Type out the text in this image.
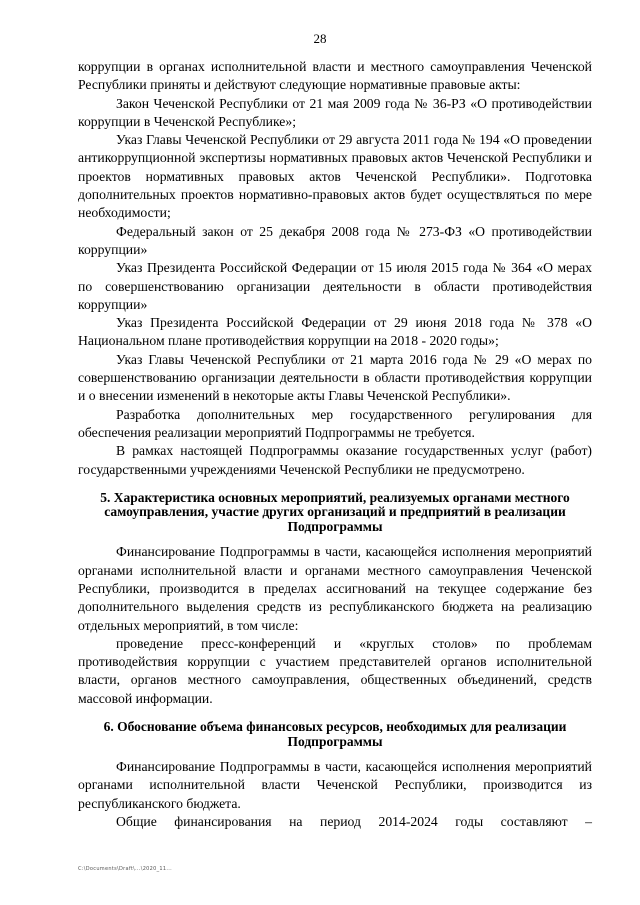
28

коррупции в органах исполнительной власти и местного самоуправления Чеченской Республики приняты и действуют следующие нормативные правовые акты:

Закон Чеченской Республики от 21 мая 2009 года № 36-РЗ «О противодействии коррупции в Чеченской Республике»;

Указ Главы Чеченской Республики от 29 августа 2011 года № 194 «О проведении антикоррупционной экспертизы нормативных правовых актов Чеченской Республики и проектов нормативных правовых актов Чеченской Республики». Подготовка дополнительных проектов нормативно-правовых актов будет осуществляться по мере необходимости;

Федеральный закон от 25 декабря 2008 года № 273-ФЗ «О противодействии коррупции»

Указ Президента Российской Федерации от 15 июля 2015 года № 364 «О мерах по совершенствованию организации деятельности в области противодействия коррупции»

Указ Президента Российской Федерации от 29 июня 2018 года № 378 «О Национальном плане противодействия коррупции на 2018 - 2020 годы»;

Указ Главы Чеченской Республики от 21 марта 2016 года № 29 «О мерах по совершенствованию организации деятельности в области противодействия коррупции и о внесении изменений в некоторые акты Главы Чеченской Республики».

Разработка дополнительных мер государственного регулирования для обеспечения реализации мероприятий Подпрограммы не требуется.

В рамках настоящей Подпрограммы оказание государственных услуг (работ) государственными учреждениями Чеченской Республики не предусмотрено.

5. Характеристика основных мероприятий, реализуемых органами местного самоуправления, участие других организаций и предприятий в реализации Подпрограммы

Финансирование Подпрограммы в части, касающейся исполнения мероприятий органами исполнительной власти и органами местного самоуправления Чеченской Республики, производится в пределах ассигнований на текущее содержание без дополнительного выделения средств из республиканского бюджета на реализацию отдельных мероприятий, в том числе:

проведение пресс-конференций и «круглых столов» по проблемам противодействия коррупции с участием представителей органов исполнительной власти, органов местного самоуправления, общественных объединений, средств массовой информации.

6. Обоснование объема финансовых ресурсов, необходимых для реализации Подпрограммы

Финансирование Подпрограммы в части, касающейся исполнения мероприятий органами исполнительной власти Чеченской Республики, производится из республиканского бюджета.

Общие финансирования на период 2014-2024 годы составляют –

C:\Documents\Draft\...\2020_11...
